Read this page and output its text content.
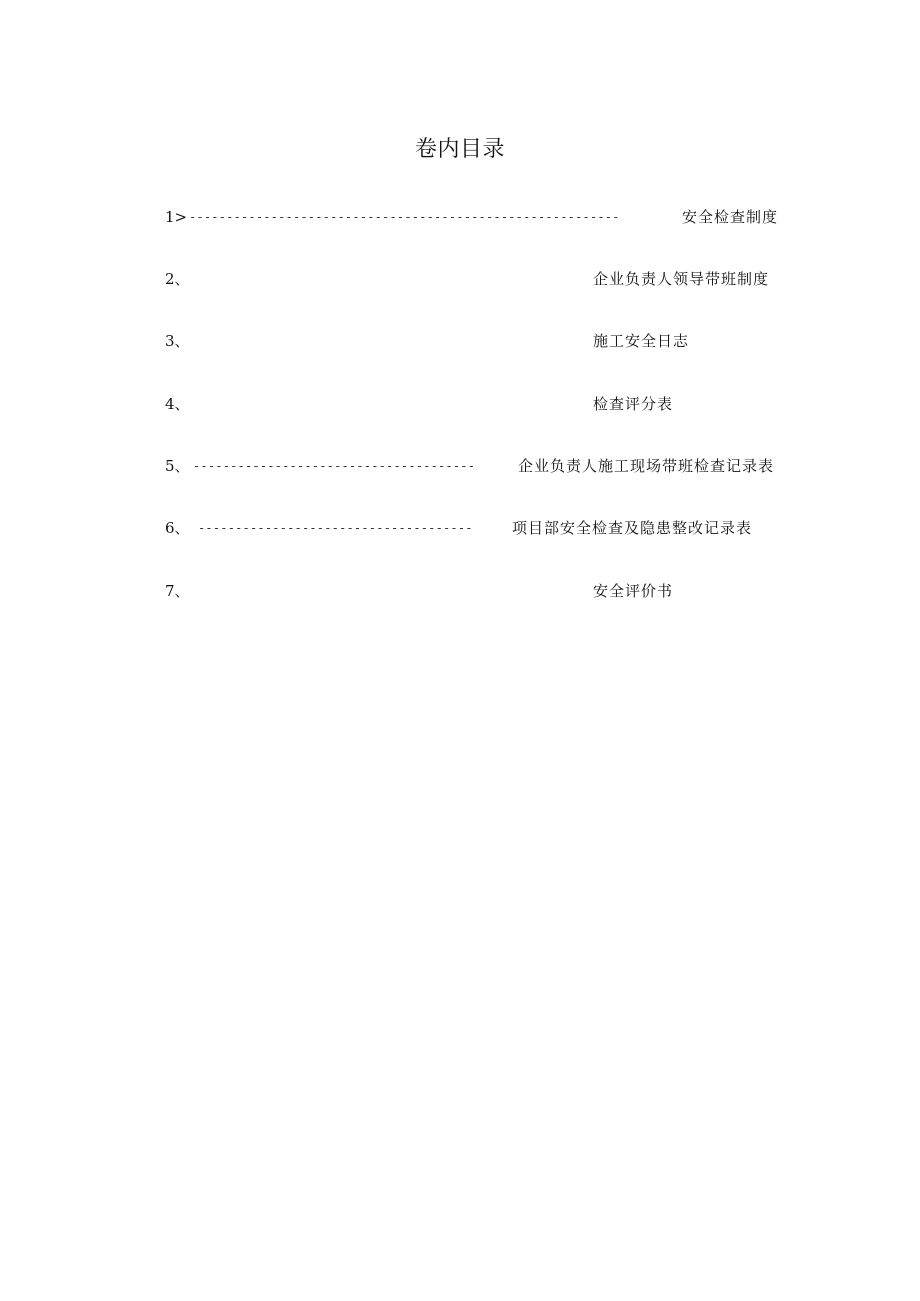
卷内目录
1> ----------------------------------------------------------	安全检查制度
2、	企业负责人领导带班制度
3、	施工安全日志
4、	检查评分表
5、 --------------------------------------	企业负责人施工现场带班检查记录表
6、 -------------------------------------	项目部安全检查及隐患整改记录表
7、	安全评价书
